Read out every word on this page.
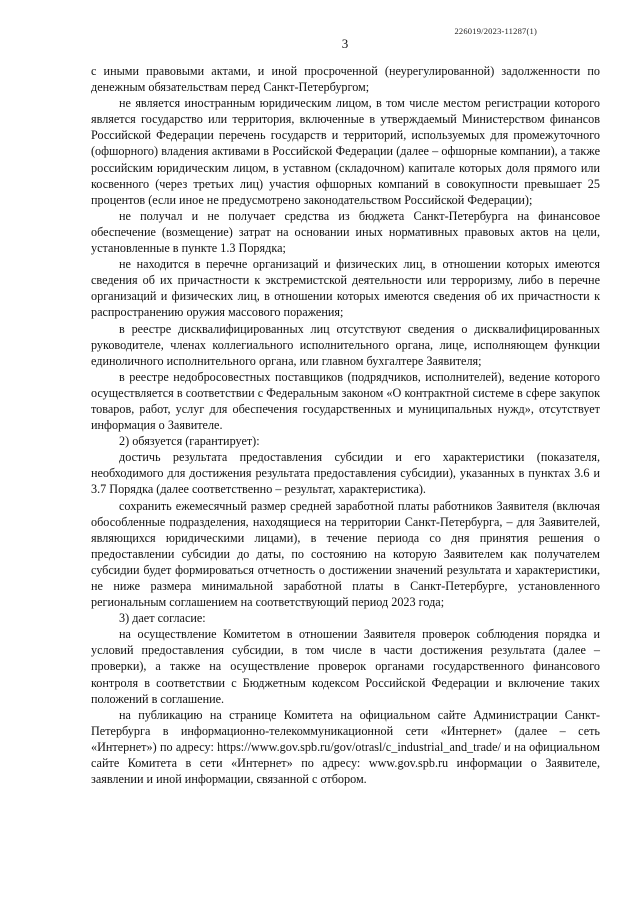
226019/2023-11287(1)
3

с иными правовыми актами, и иной просроченной (неурегулированной) задолженности по денежным обязательствам перед Санкт-Петербургом;

не является иностранным юридическим лицом, в том числе местом регистрации которого является государство или территория, включенные в утверждаемый Министерством финансов Российской Федерации перечень государств и территорий, используемых для промежуточного (офшорного) владения активами в Российской Федерации (далее – офшорные компании), а также российским юридическим лицом, в уставном (складочном) капитале которых доля прямого или косвенного (через третьих лиц) участия офшорных компаний в совокупности превышает 25 процентов (если иное не предусмотрено законодательством Российской Федерации);

не получал и не получает средства из бюджета Санкт-Петербурга на финансовое обеспечение (возмещение) затрат на основании иных нормативных правовых актов на цели, установленные в пункте 1.3 Порядка;

не находится в перечне организаций и физических лиц, в отношении которых имеются сведения об их причастности к экстремистской деятельности или терроризму, либо в перечне организаций и физических лиц, в отношении которых имеются сведения об их причастности к распространению оружия массового поражения;

в реестре дисквалифицированных лиц отсутствуют сведения о дисквалифицированных руководителе, членах коллегиального исполнительного органа, лице, исполняющем функции единоличного исполнительного органа, или главном бухгалтере Заявителя;

в реестре недобросовестных поставщиков (подрядчиков, исполнителей), ведение которого осуществляется в соответствии с Федеральным законом «О контрактной системе в сфере закупок товаров, работ, услуг для обеспечения государственных и муниципальных нужд», отсутствует информация о Заявителе.

2) обязуется (гарантирует):

достичь результата предоставления субсидии и его характеристики (показателя, необходимого для достижения результата предоставления субсидии), указанных в пунктах 3.6 и 3.7 Порядка (далее соответственно – результат, характеристика).

сохранить ежемесячный размер средней заработной платы работников Заявителя (включая обособленные подразделения, находящиеся на территории Санкт-Петербурга, – для Заявителей, являющихся юридическими лицами), в течение периода со дня принятия решения о предоставлении субсидии до даты, по состоянию на которую Заявителем как получателем субсидии будет формироваться отчетность о достижении значений результата и характеристики, не ниже размера минимальной заработной платы в Санкт-Петербурге, установленного региональным соглашением на соответствующий период 2023 года;

3) дает согласие:

на осуществление Комитетом в отношении Заявителя проверок соблюдения порядка и условий предоставления субсидии, в том числе в части достижения результата (далее – проверки), а также на осуществление проверок органами государственного финансового контроля в соответствии с Бюджетным кодексом Российской Федерации и включение таких положений в соглашение.

на публикацию на странице Комитета на официальном сайте Администрации Санкт-Петербурга в информационно-телекоммуникационной сети «Интернет» (далее – сеть «Интернет») по адресу: https://www.gov.spb.ru/gov/otrasl/c_industrial_and_trade/ и на официальном сайте Комитета в сети «Интернет» по адресу: www.gov.spb.ru информации о Заявителе, заявлении и иной информации, связанной с отбором.
